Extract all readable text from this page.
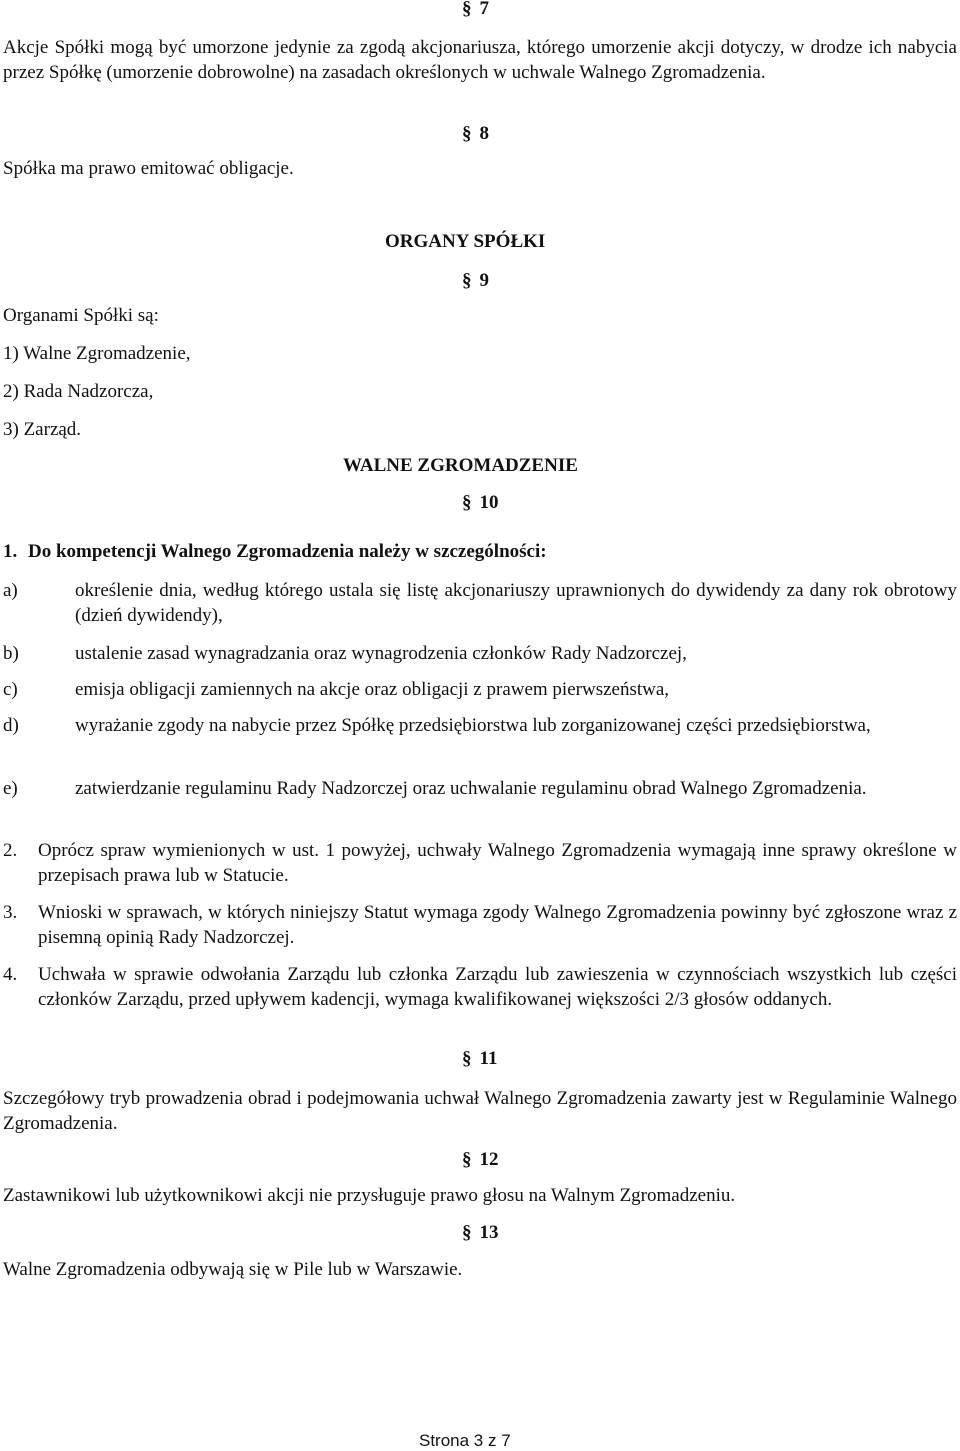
§ 7
Akcje Spółki mogą być umorzone jedynie za zgodą akcjonariusza, którego umorzenie akcji dotyczy, w drodze ich nabycia przez Spółkę (umorzenie dobrowolne) na zasadach określonych w uchwale Walnego Zgromadzenia.
§ 8
Spółka ma prawo emitować obligacje.
ORGANY SPÓŁKI
§ 9
Organami Spółki są:
1) Walne Zgromadzenie,
2) Rada Nadzorcza,
3) Zarząd.
WALNE ZGROMADZENIE
§ 10
1. Do kompetencji Walnego Zgromadzenia należy w szczególności:
a)	określenie dnia, według którego ustala się listę akcjonariuszy uprawnionych do dywidendy za dany rok obrotowy (dzień dywidendy),
b)	ustalenie zasad wynagradzania oraz wynagrodzenia członków Rady Nadzorczej,
c)	emisja obligacji zamiennych na akcje oraz obligacji z prawem pierwszeństwa,
d)	wyrażanie zgody na nabycie przez Spółkę przedsiębiorstwa lub zorganizowanej części przedsiębiorstwa,
e)	zatwierdzanie regulaminu Rady Nadzorczej oraz uchwalanie regulaminu obrad Walnego Zgromadzenia.
2. Oprócz spraw wymienionych w ust. 1 powyżej, uchwały Walnego Zgromadzenia wymagają inne sprawy określone w przepisach prawa lub w Statucie.
3. Wnioski w sprawach, w których niniejszy Statut wymaga zgody Walnego Zgromadzenia powinny być zgłoszone wraz z pisemną opinią Rady Nadzorczej.
4. Uchwała w sprawie odwołania Zarządu lub członka Zarządu lub zawieszenia w czynnościach wszystkich lub części członków Zarządu, przed upływem kadencji, wymaga kwalifikowanej większości 2/3 głosów oddanych.
§ 11
Szczegółowy tryb prowadzenia obrad i podejmowania uchwał Walnego Zgromadzenia zawarty jest w Regulaminie Walnego Zgromadzenia.
§ 12
Zastawnikowi lub użytkownikowi akcji nie przysługuje prawo głosu na Walnym Zgromadzeniu.
§ 13
Walne Zgromadzenia odbywają się w Pile lub w Warszawie.
Strona 3 z 7
